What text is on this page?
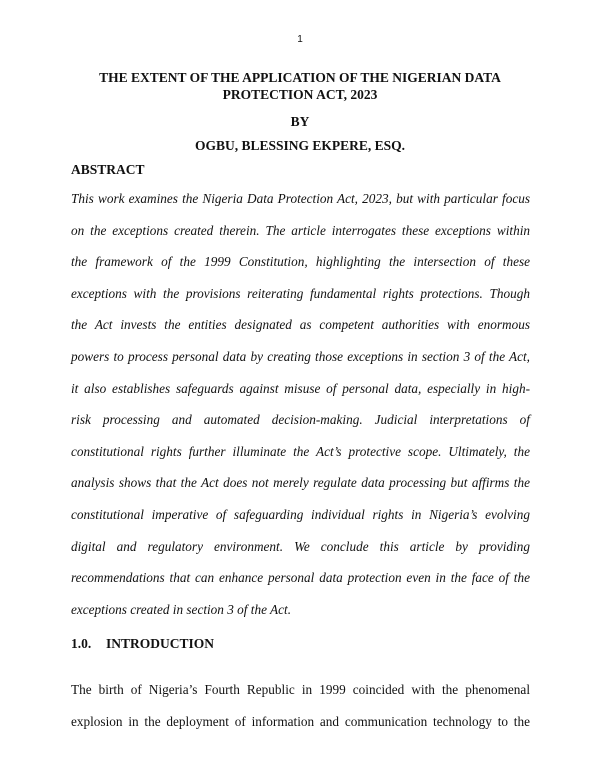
1
THE EXTENT OF THE APPLICATION OF THE NIGERIAN DATA
PROTECTION ACT, 2023
BY
OGBU, BLESSING EKPERE, ESQ.
ABSTRACT

This work examines the Nigeria Data Protection Act, 2023, but with particular focus
on the exceptions created therein. The article interrogates these exceptions within
the framework of the 1999 Constitution, highlighting the intersection of these
exceptions with the provisions reiterating fundamental rights protections. Though
the Act invests the entities designated as competent authorities with enormous
powers to process personal data by creating those exceptions in section 3 of the Act,
it also establishes safeguards against misuse of personal data, especially in high-
risk processing and automated decision-making. Judicial interpretations of
constitutional rights further illuminate the Act’s protective scope. Ultimately, the
analysis shows that the Act does not merely regulate data processing but affirms the
constitutional imperative of safeguarding individual rights in Nigeria’s evolving
digital and regulatory environment. We conclude this article by providing
recommendations that can enhance personal data protection even in the face of the
exceptions created in section 3 of the Act.

1.0. INTRODUCTION

The birth of Nigeria’s Fourth Republic in 1999 coincided with the phenomenal
explosion in the deployment of information and communication technology to the
